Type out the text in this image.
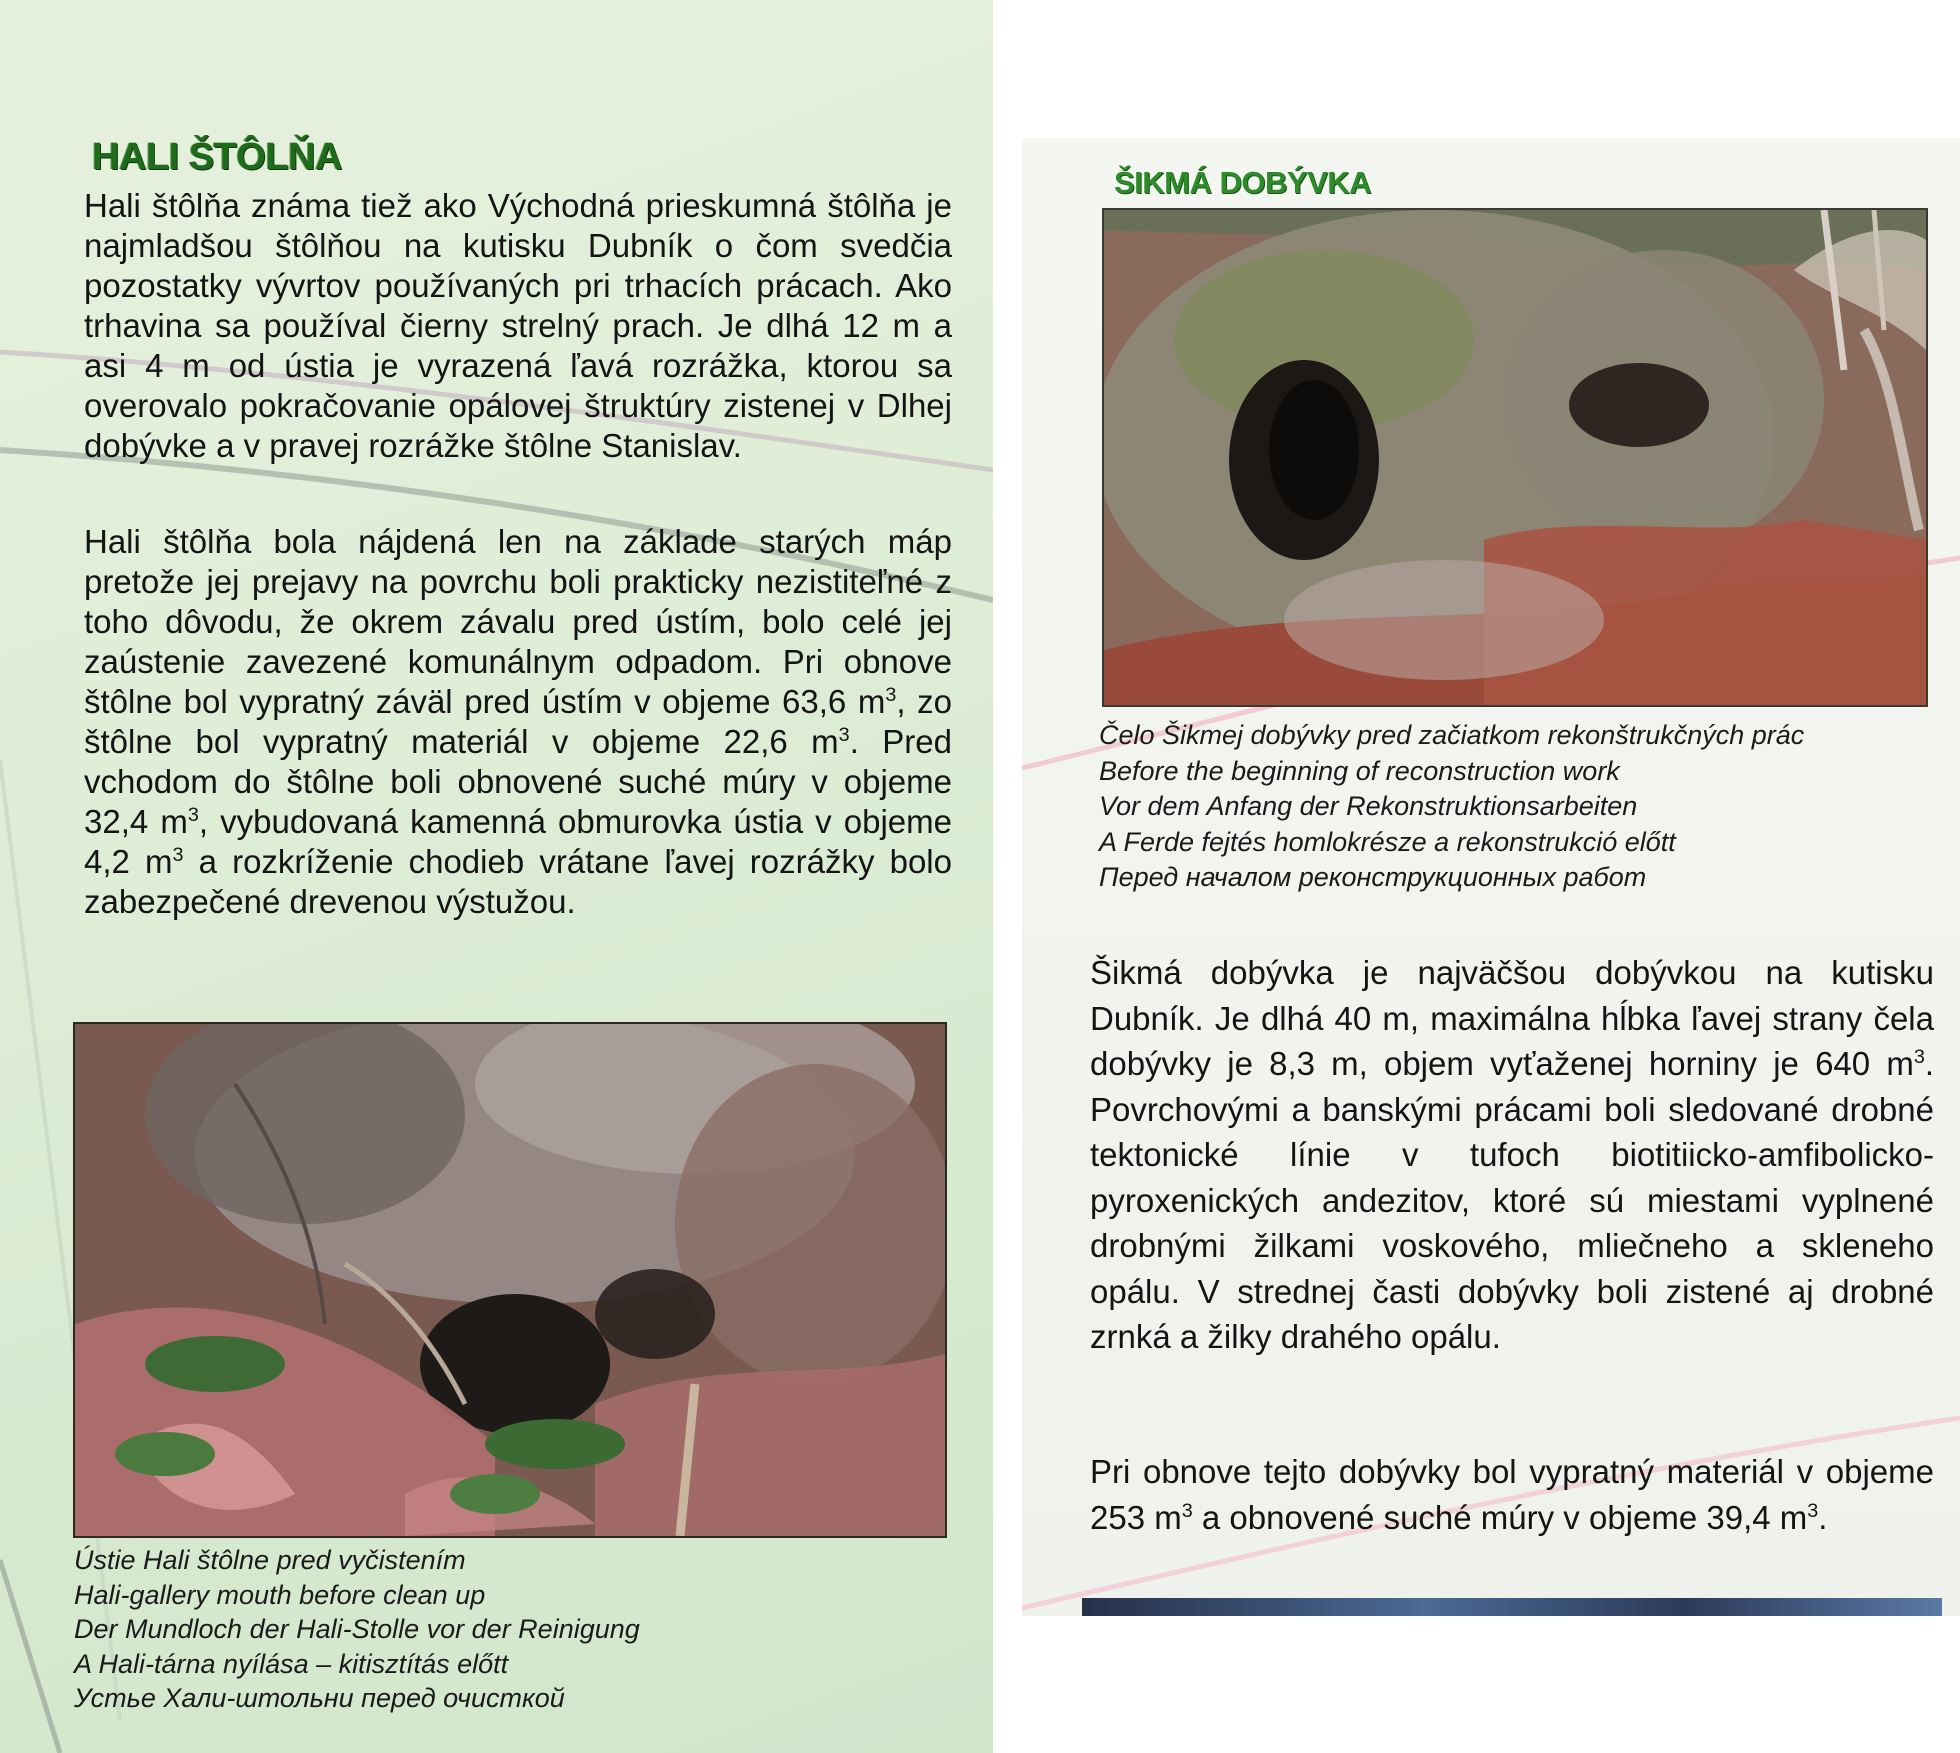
HALI ŠTÔLŇA

Hali štôlňa známa tiež ako Východná prieskumná štôlňa je najmladšou štôlňou na kutisku Dubník o čom svedčia pozostatky vývrtov používaných pri trhacích prácach. Ako trhavina sa používal čierny strelný prach. Je dlhá 12 m a asi 4 m od ústia je vyrazená ľavá rozrážka, ktorou sa overovalo pokračovanie opálovej štruktúry zistenej v Dlhej dobývke a v pravej rozrážke štôlne Stanislav.

Hali štôlňa bola nájdená len na základe starých máp pretože jej prejavy na povrchu boli prakticky nezistiteľné z toho dôvodu, že okrem závalu pred ústím, bolo celé jej zaústenie zavezené komunálnym odpadom. Pri obnove štôlne bol vypratný záväl pred ústím v objeme 63,6 $m^3$, zo štôlne bol vypratný materiál v objeme 22,6 $m^3$. Pred vchodom do štôlne boli obnovené suché múry v objeme 32,4 $m^3$, vybudovaná kamenná obmurovka ústia v objeme 4,2 $m^3$ a rozkríženie chodieb vrátane ľavej rozrážky bolo zabezpečené drevenou výstužou.

Ústie Hali štôlne pred vyčistením
Hali-gallery mouth before clean up
Der Mundloch der Hali-Stolle vor der Reinigung
A Hali-tárna nyílása – kitisztítás előtt
Устье Хали-штольни перед очисткой

ŠIKMÁ DOBÝVKA

Čelo Šikmej dobývky pred začiatkom rekonštrukčných prác
Before the beginning of reconstruction work
Vor dem Anfang der Rekonstruktionsarbeiten
A Ferde fejtés homlokrésze a rekonstrukció előtt
Перед началом реконструкционных работ

Šikmá dobývka je najväčšou dobývkou na kutisku Dubník. Je dlhá 40 m, maximálna hĺbka ľavej strany čela dobývky je 8,3 m, objem vyťaženej horniny je 640 $m^3$. Povrchovými a banskými prácami boli sledované drobné tektonické línie v tufoch biotitiicko-amfibolicko-pyroxenických andezitov, ktoré sú miestami vyplnené drobnými žilkami voskového, mliečneho a skleneho opálu. V strednej časti dobývky boli zistené aj drobné zrnká a žilky drahého opálu.

Pri obnove tejto dobývky bol vypratný materiál v objeme 253 $m^3$ a obnovené suché múry v objeme 39,4 $m^3$.
